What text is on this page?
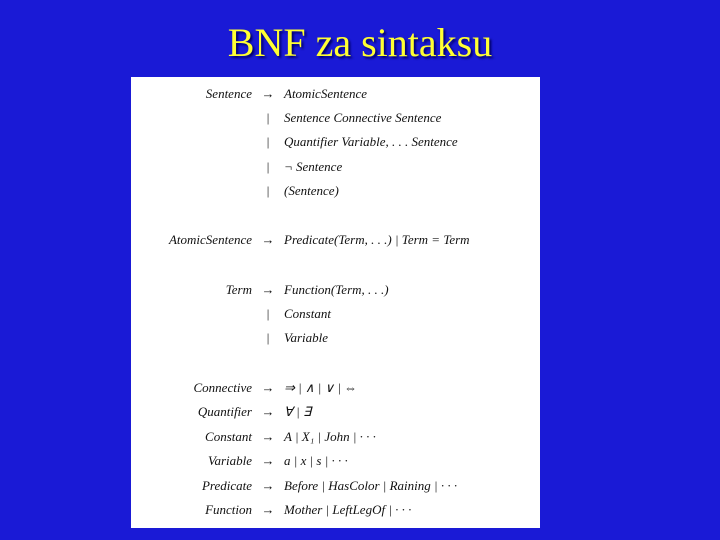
BNF za sintaksu
Sentence → AtomicSentence
|	Sentence Connective Sentence
|	Quantifier Variable, . . . Sentence
|	¬ Sentence
|	(Sentence)
AtomicSentence → Predicate(Term, . . .) | Term = Term
Term → Function(Term, . . .)
|	Constant
|	Variable
Connective → ⇒ | ∧ | ∨ | ⇔
Quantifier → ∀ | ∃
Constant → A | X₁ | John | · · ·
Variable → a | x | s | · · ·
Predicate → Before | HasColor | Raining | · · ·
Function → Mother | LeftLegOf | · · ·
